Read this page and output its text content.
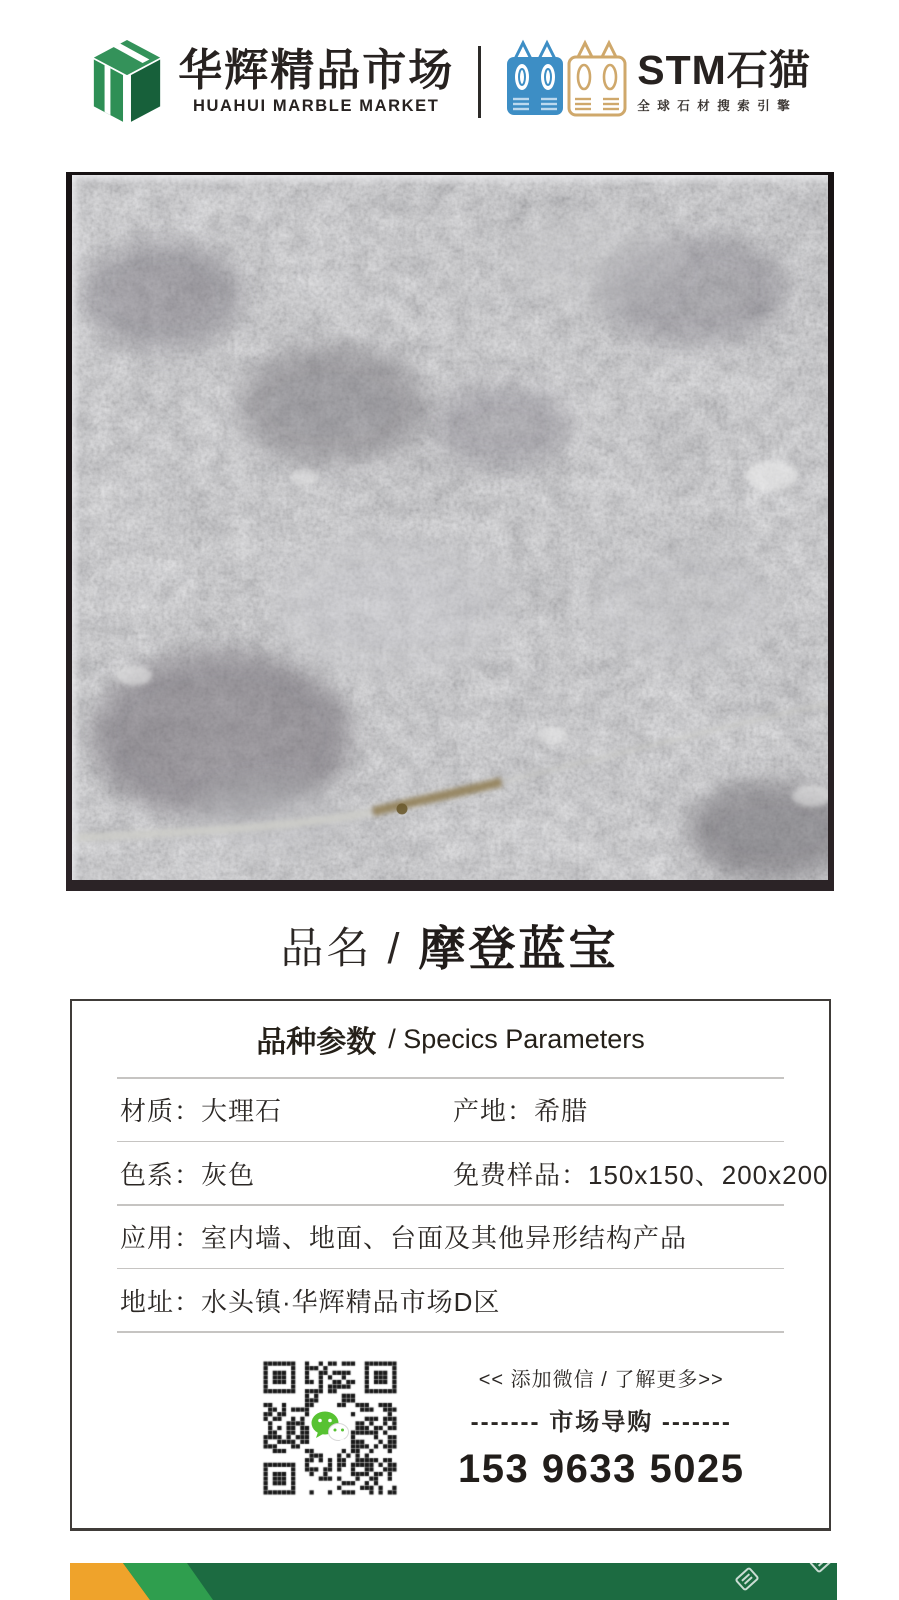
华辉精品市场
HUAHUI MARBLE MARKET
STM石猫
全球石材搜索引擎
品名 / 摩登蓝宝
品种参数 / Specics Parameters
材质：大理石	产地：希腊
色系：灰色	免费样品：150x150、200x200
应用：室内墙、地面、台面及其他异形结构产品
地址：水头镇·华辉精品市场D区
<< 添加微信 / 了解更多>>
------- 市场导购 -------
153 9633 5025
